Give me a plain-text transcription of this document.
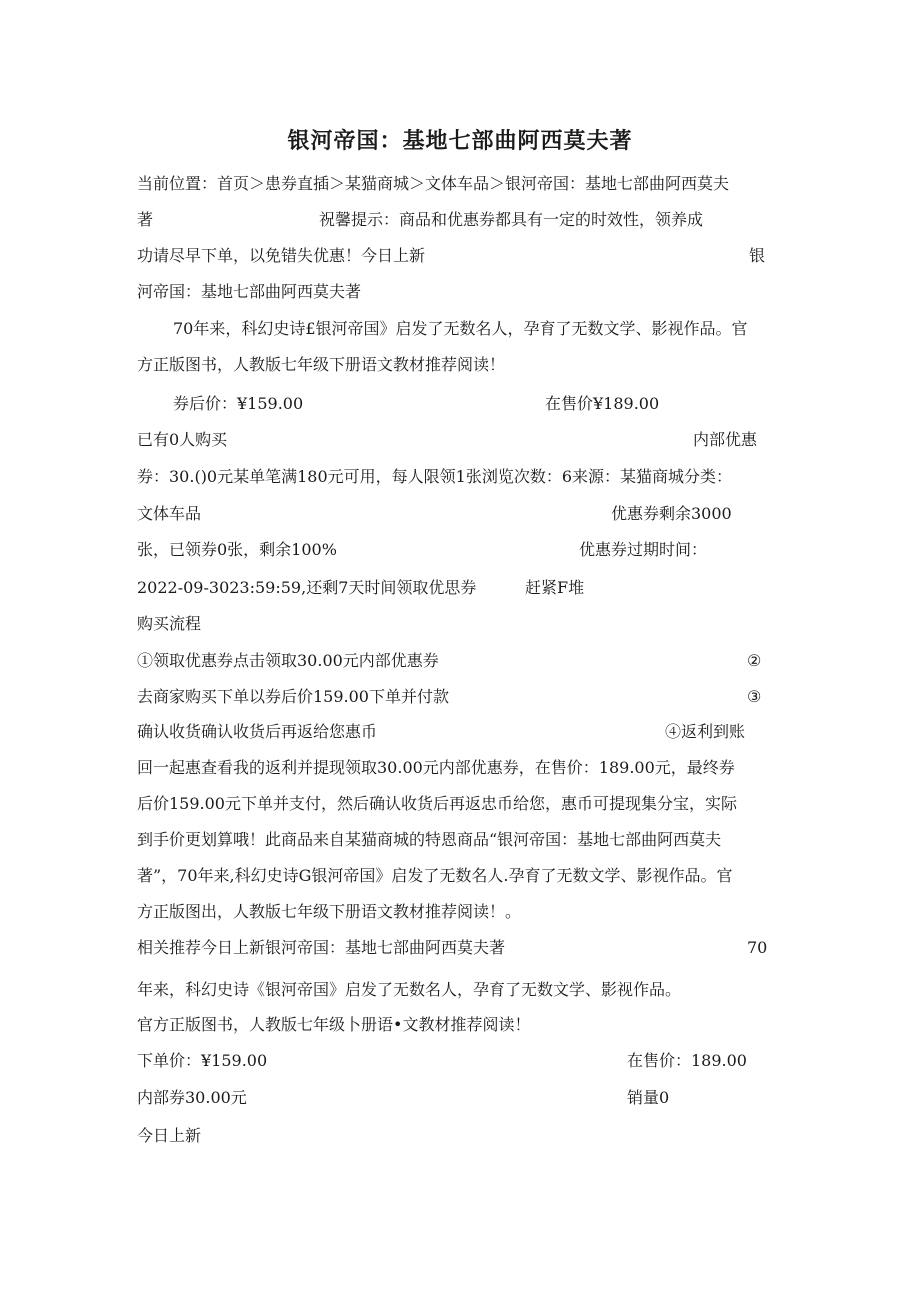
银河帝国：基地七部曲阿西莫夫著
当前位置：首页＞患券直插＞某猫商城＞文体车品＞银河帝国：基地七部曲阿西莫夫
著	祝馨提示：商品和优惠券都具有一定的时效性，领养成
功请尽早下单，以免错失优惠！今日上新	银
河帝国：基地七部曲阿西莫夫著
70年来，科幻史诗£银河帝国》启发了无数名人，孕育了无数文学、影视作品。官
方正版图书，人教版七年级下册语文教材推荐阅读！
券后价：¥159.00	在售价¥189.00
已有0人购买	内部优惠
券：30.()0元某单笔满180元可用，每人限领1张浏览次数：6来源：某猫商城分类：
文体车品	优惠券剩余3000
张，已领券0张，剩余100%	优惠券过期时间：
2022-09-3023:59:59,还剩7天时间领取优思券	赶紧F堆
购买流程
①领取优惠券点击领取30.00元内部优惠券	②
去商家购买下单以券后价159.00下单并付款	③
确认收货确认收货后再返给您惠币	④返利到账
回一起惠查看我的返利并提现领取30.00元内部优惠券，在售价：189.00元，最终券
后价159.00元下单并支付，然后确认收货后再返忠币给您，惠币可提现集分宝，实际
到手价更划算哦！此商品来自某猫商城的特恩商品“银河帝国：基地七部曲阿西莫夫
著”，70年来,科幻史诗G银河帝国》启发了无数名人.孕育了无数文学、影视作品。官
方正版图出，人教版七年级下册语文教材推荐阅读！。
相关推荐今日上新银河帝国：基地七部曲阿西莫夫著	70
年来，科幻史诗《银河帝国》启发了无数名人，孕育了无数文学、影视作品。
官方正版图书，人教版七年级卜册语•文教材推荐阅读！
下单价：¥159.00	在售价：189.00
内部券30.00元	销量0
今日上新
